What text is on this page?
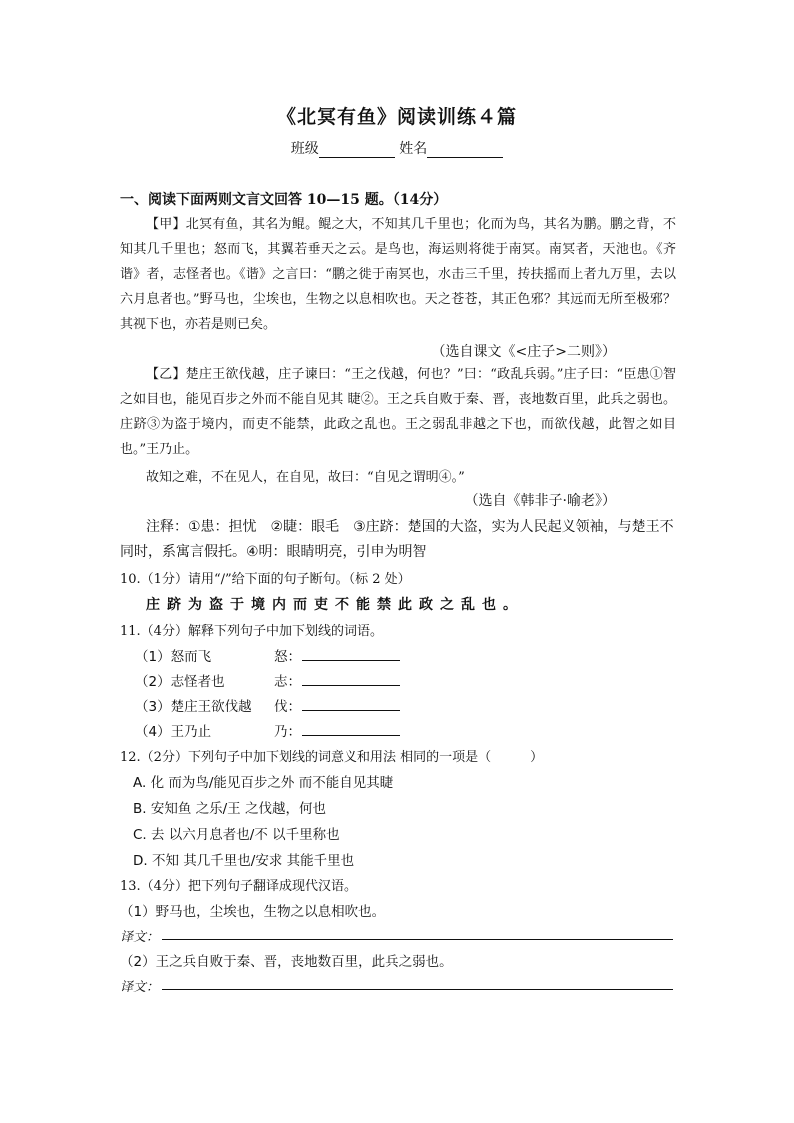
《北冥有鱼》阅读训练４篇
班级	姓名
一、阅读下面两则文言文回答 10—15 题。（14分）

【甲】北冥有鱼，其名为鲲。鲲之大，不知其几千里也；化而为鸟，其名为鹏。鹏之背，不知其几千里也；怒而飞，其翼若垂天之云。是鸟也，海运则将徙于南冥。南冥者，天池也。《齐谐》者，志怪者也。《谐》之言曰：“鹏之徙于南冥也，水击三千里，抟扶摇而上者九万里，去以六月息者也。”野马也，尘埃也，生物之以息相吹也。天之苍苍，其正色邪？其远而无所至极邪？其视下也，亦若是则已矣。

（选自课文《<庄子>二则》）

【乙】楚庄王欲伐越，庄子谏曰：“王之伐越，何也？”曰：“政乱兵弱。”庄子曰：“臣患①智之如目也，能见百步之外而不能自见其 睫②。王之兵自败于秦、晋，丧地数百里，此兵之弱也。庄跻③为盗于境内，而吏不能禁，此政之乱也。王之弱乱非越之下也，而欲伐越，此智之如目也。”王乃止。

故知之难，不在见人，在自见，故曰：“自见之谓明④。”

（选自《韩非子·喻老》）
注释：①患：担忧　②睫：眼毛　③庄跻：楚国的大盗，实为人民起义领袖，与楚王不同时，系寓言假托。④明：眼睛明亮，引申为明智
10.（1分）请用“/”给下面的句子断句。（标 2 处）
庄跻为盗于境内而吏不能禁此政之乱也。
11.（4分）解释下列句子中加下划线的词语。
（1）怒而飞	怒：
（2）志怪者也	志：
（3）楚庄王欲伐越 伐：
（4）王乃止	乃：
12.（2分）下列句子中加下划线的词意义和用法 相同的一项是（　　　）
A. 化 而为鸟/能见百步之外 而不能自见其睫
B. 安知鱼 之乐/王 之伐越，何也
C. 去 以六月息者也/不 以千里称也
D. 不知 其几千里也/安求 其能千里也
13.（4分）把下列句子翻译成现代汉语。
（1）野马也，尘埃也，生物之以息相吹也。
译文：
（2）王之兵自败于秦、晋，丧地数百里，此兵之弱也。
译文：
